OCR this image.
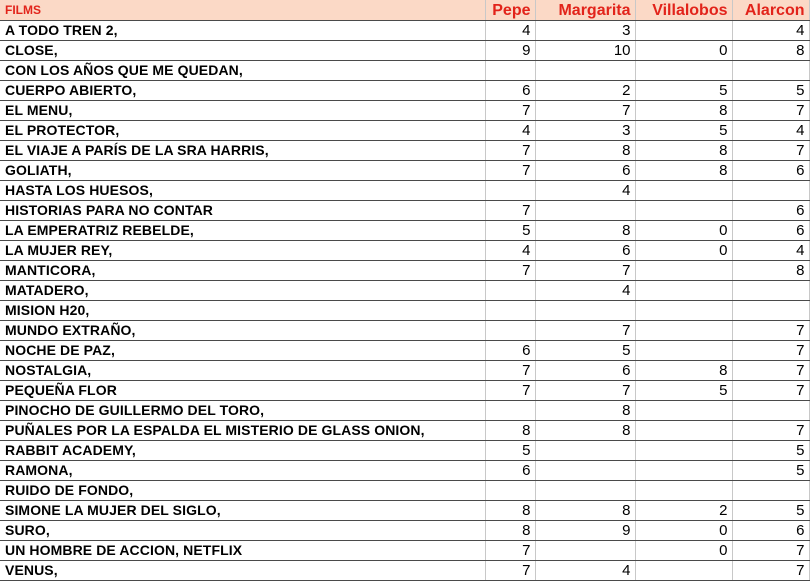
FILMS	Pepe	Margarita	Villalobos	Alarcon
A TODO TREN 2,	4	3		4
CLOSE,	9	10	0	8
CON LOS AÑOS QUE ME QUEDAN,				
CUERPO ABIERTO,	6	2	5	5
EL MENU,	7	7	8	7
EL PROTECTOR,	4	3	5	4
EL VIAJE A PARÍS DE LA SRA HARRIS,	7	8	8	7
GOLIATH,	7	6	8	6
HASTA LOS HUESOS,		4		
HISTORIAS PARA NO CONTAR	7			6
LA EMPERATRIZ REBELDE,	5	8	0	6
LA MUJER REY,	4	6	0	4
MANTICORA,	7	7		8
MATADERO,		4		
MISION H20,				
MUNDO EXTRAÑO,		7		7
NOCHE DE PAZ,	6	5		7
NOSTALGIA,	7	6	8	7
PEQUEÑA FLOR	7	7	5	7
PINOCHO DE GUILLERMO DEL TORO,		8		
PUÑALES POR LA ESPALDA EL MISTERIO DE GLASS ONION,	8	8		7
RABBIT ACADEMY,	5			5
RAMONA,	6			5
RUIDO DE FONDO,				
SIMONE LA MUJER DEL SIGLO,	8	8	2	5
SURO,	8	9	0	6
UN HOMBRE DE ACCION, NETFLIX	7		0	7
VENUS,	7	4		7
